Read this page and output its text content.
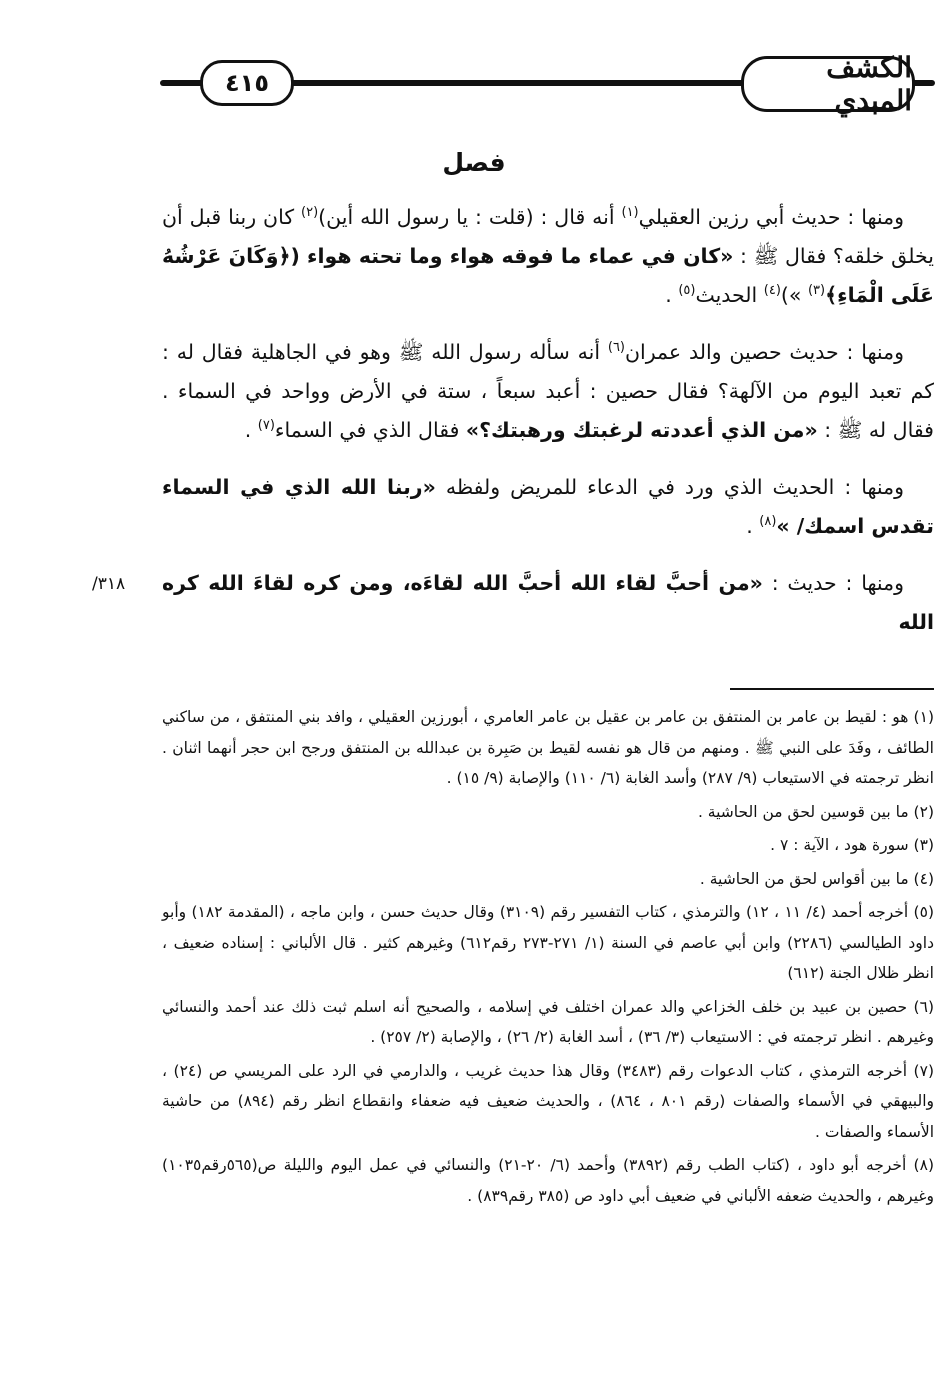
الكشف المبدي
٤١٥
فصل

ومنها : حديث أبي رزين العقيلي$^{(١)}$ أنه قال : (قلت : يا رسول الله أين)$^{(٢)}$ كان ربنا قبل أن يخلق خلقه؟ فقال ﷺ : «كان في عماء ما فوقه هواء وما تحته هواء (﴿وَكَانَ عَرْشُهُ عَلَى الْمَاءِ﴾$^{(٣)}$ »)$^{(٤)}$ الحديث$^{(٥)}$ .

ومنها : حديث حصين والد عمران$^{(٦)}$ أنه سأله رسول الله ﷺ وهو في الجاهلية فقال له : كم تعبد اليوم من الآلهة؟ فقال حصين : أعبد سبعاً ، ستة في الأرض وواحد في السماء . فقال له ﷺ : «من الذي أعددته لرغبتك ورهبتك؟» فقال الذي في السماء$^{(٧)}$ .

ومنها : الحديث الذي ورد في الدعاء للمريض ولفظه «ربنا الله الذي في السماء تقدس اسمك/ »$^{(٨)}$ .

ومنها : حديث : «من أحبَّ لقاء الله أحبَّ الله لقاءَه، ومن كره لقاءَ الله كره الله

٣١٨/
(١) هو : لقيط بن عامر بن المنتفق بن عامر بن عقيل بن عامر العامري ، أبورزين العقيلي ، وافد بني المنتفق ، من ساكني الطائف ، وفَدَ على النبي ﷺ . ومنهم من قال هو نفسه لقيط بن صَبِرة بن عبدالله بن المنتفق ورجح ابن حجر أنهما اثنان . انظر ترجمته في الاستيعاب (٩/ ٢٨٧) وأسد الغابة (٦/ ١١٠) والإصابة (٩/ ١٥) .
(٢) ما بين قوسين لحق من الحاشية .
(٣) سورة هود ، الآية : ٧ .
(٤) ما بين أقواس لحق من الحاشية .
(٥) أخرجه أحمد (٤/ ١١ ، ١٢) والترمذي ، كتاب التفسير رقم (٣١٠٩) وقال حديث حسن ، وابن ماجه ، (المقدمة ١٨٢) وأبو داود الطيالسي (٢٢٨٦) وابن أبي عاصم في السنة (١/ ٢٧١-٢٧٣ رقم٦١٢) وغيرهم كثير . قال الألباني : إسناده ضعيف ، انظر ظلال الجنة (٦١٢)
(٦) حصين بن عبيد بن خلف الخزاعي والد عمران اختلف في إسلامه ، والصحيح أنه اسلم ثبت ذلك عند أحمد والنسائي وغيرهم . انظر ترجمته في : الاستيعاب (٣/ ٣٦) ، أسد الغابة (٢/ ٢٦) ، والإصابة (٢/ ٢٥٧) .
(٧) أخرجه الترمذي ، كتاب الدعوات رقم (٣٤٨٣) وقال هذا حديث غريب ، والدارمي في الرد على المريسي ص (٢٤) ، والبيهقي في الأسماء والصفات (رقم ٨٠١ ، ٨٦٤) ، والحديث ضعيف فيه ضعفاء وانقطاع انظر رقم (٨٩٤) من حاشية الأسماء والصفات .
(٨) أخرجه أبو داود ، (كتاب الطب رقم (٣٨٩٢) وأحمد (٦/ ٢٠-٢١) والنسائي في عمل اليوم والليلة ص(٥٦٥رقم١٠٣٥) وغيرهم ، والحديث ضعفه الألباني في ضعيف أبي داود ص (٣٨٥ رقم٨٣٩) .
